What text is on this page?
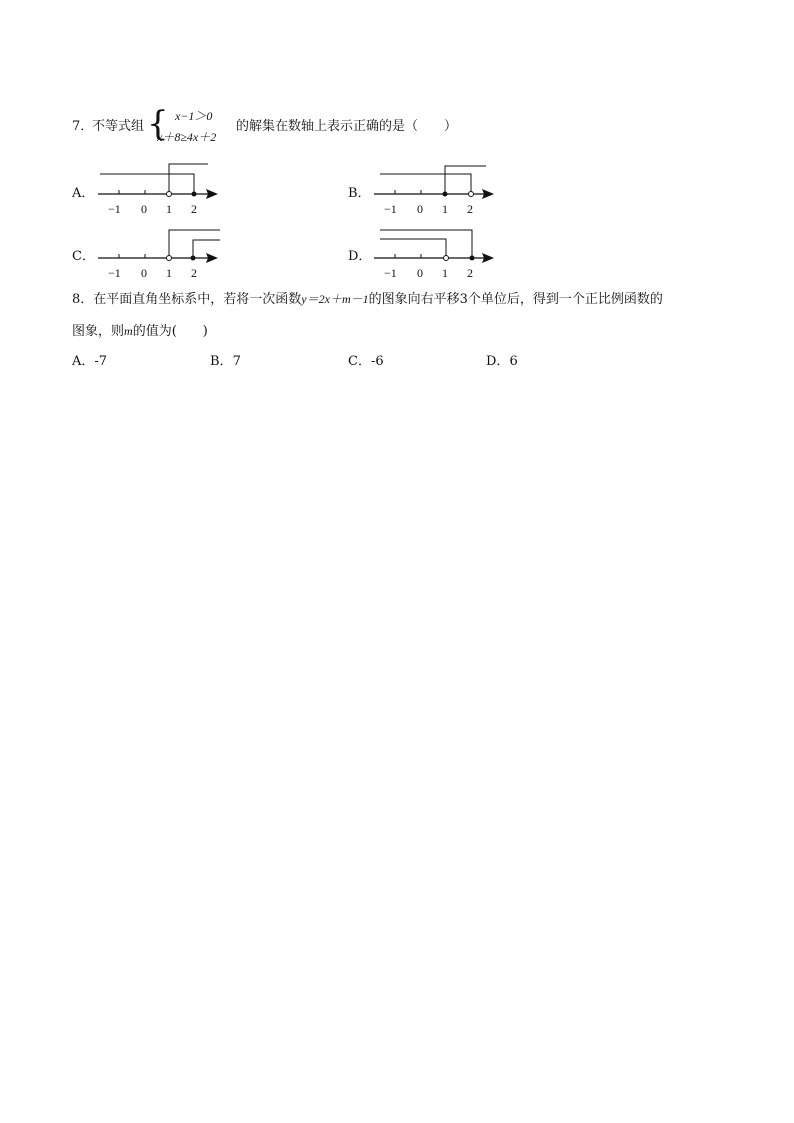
7．
不等式组 { x−1＞0
x＋8≥4x＋2
的解集在数轴上表示正确的是（　　）
A．
−1 0 1 2
B．
−1 0 1 2
C．
−1 0 1 2
D．
−1 0 1 2
8．在平面直角坐标系中，若将一次函数y＝2x＋m－1的图象向右平移3个单位后，得到一个正比例函数的
图象，则m的值为(　　)
A．-7	B．7	C．-6	D．6
